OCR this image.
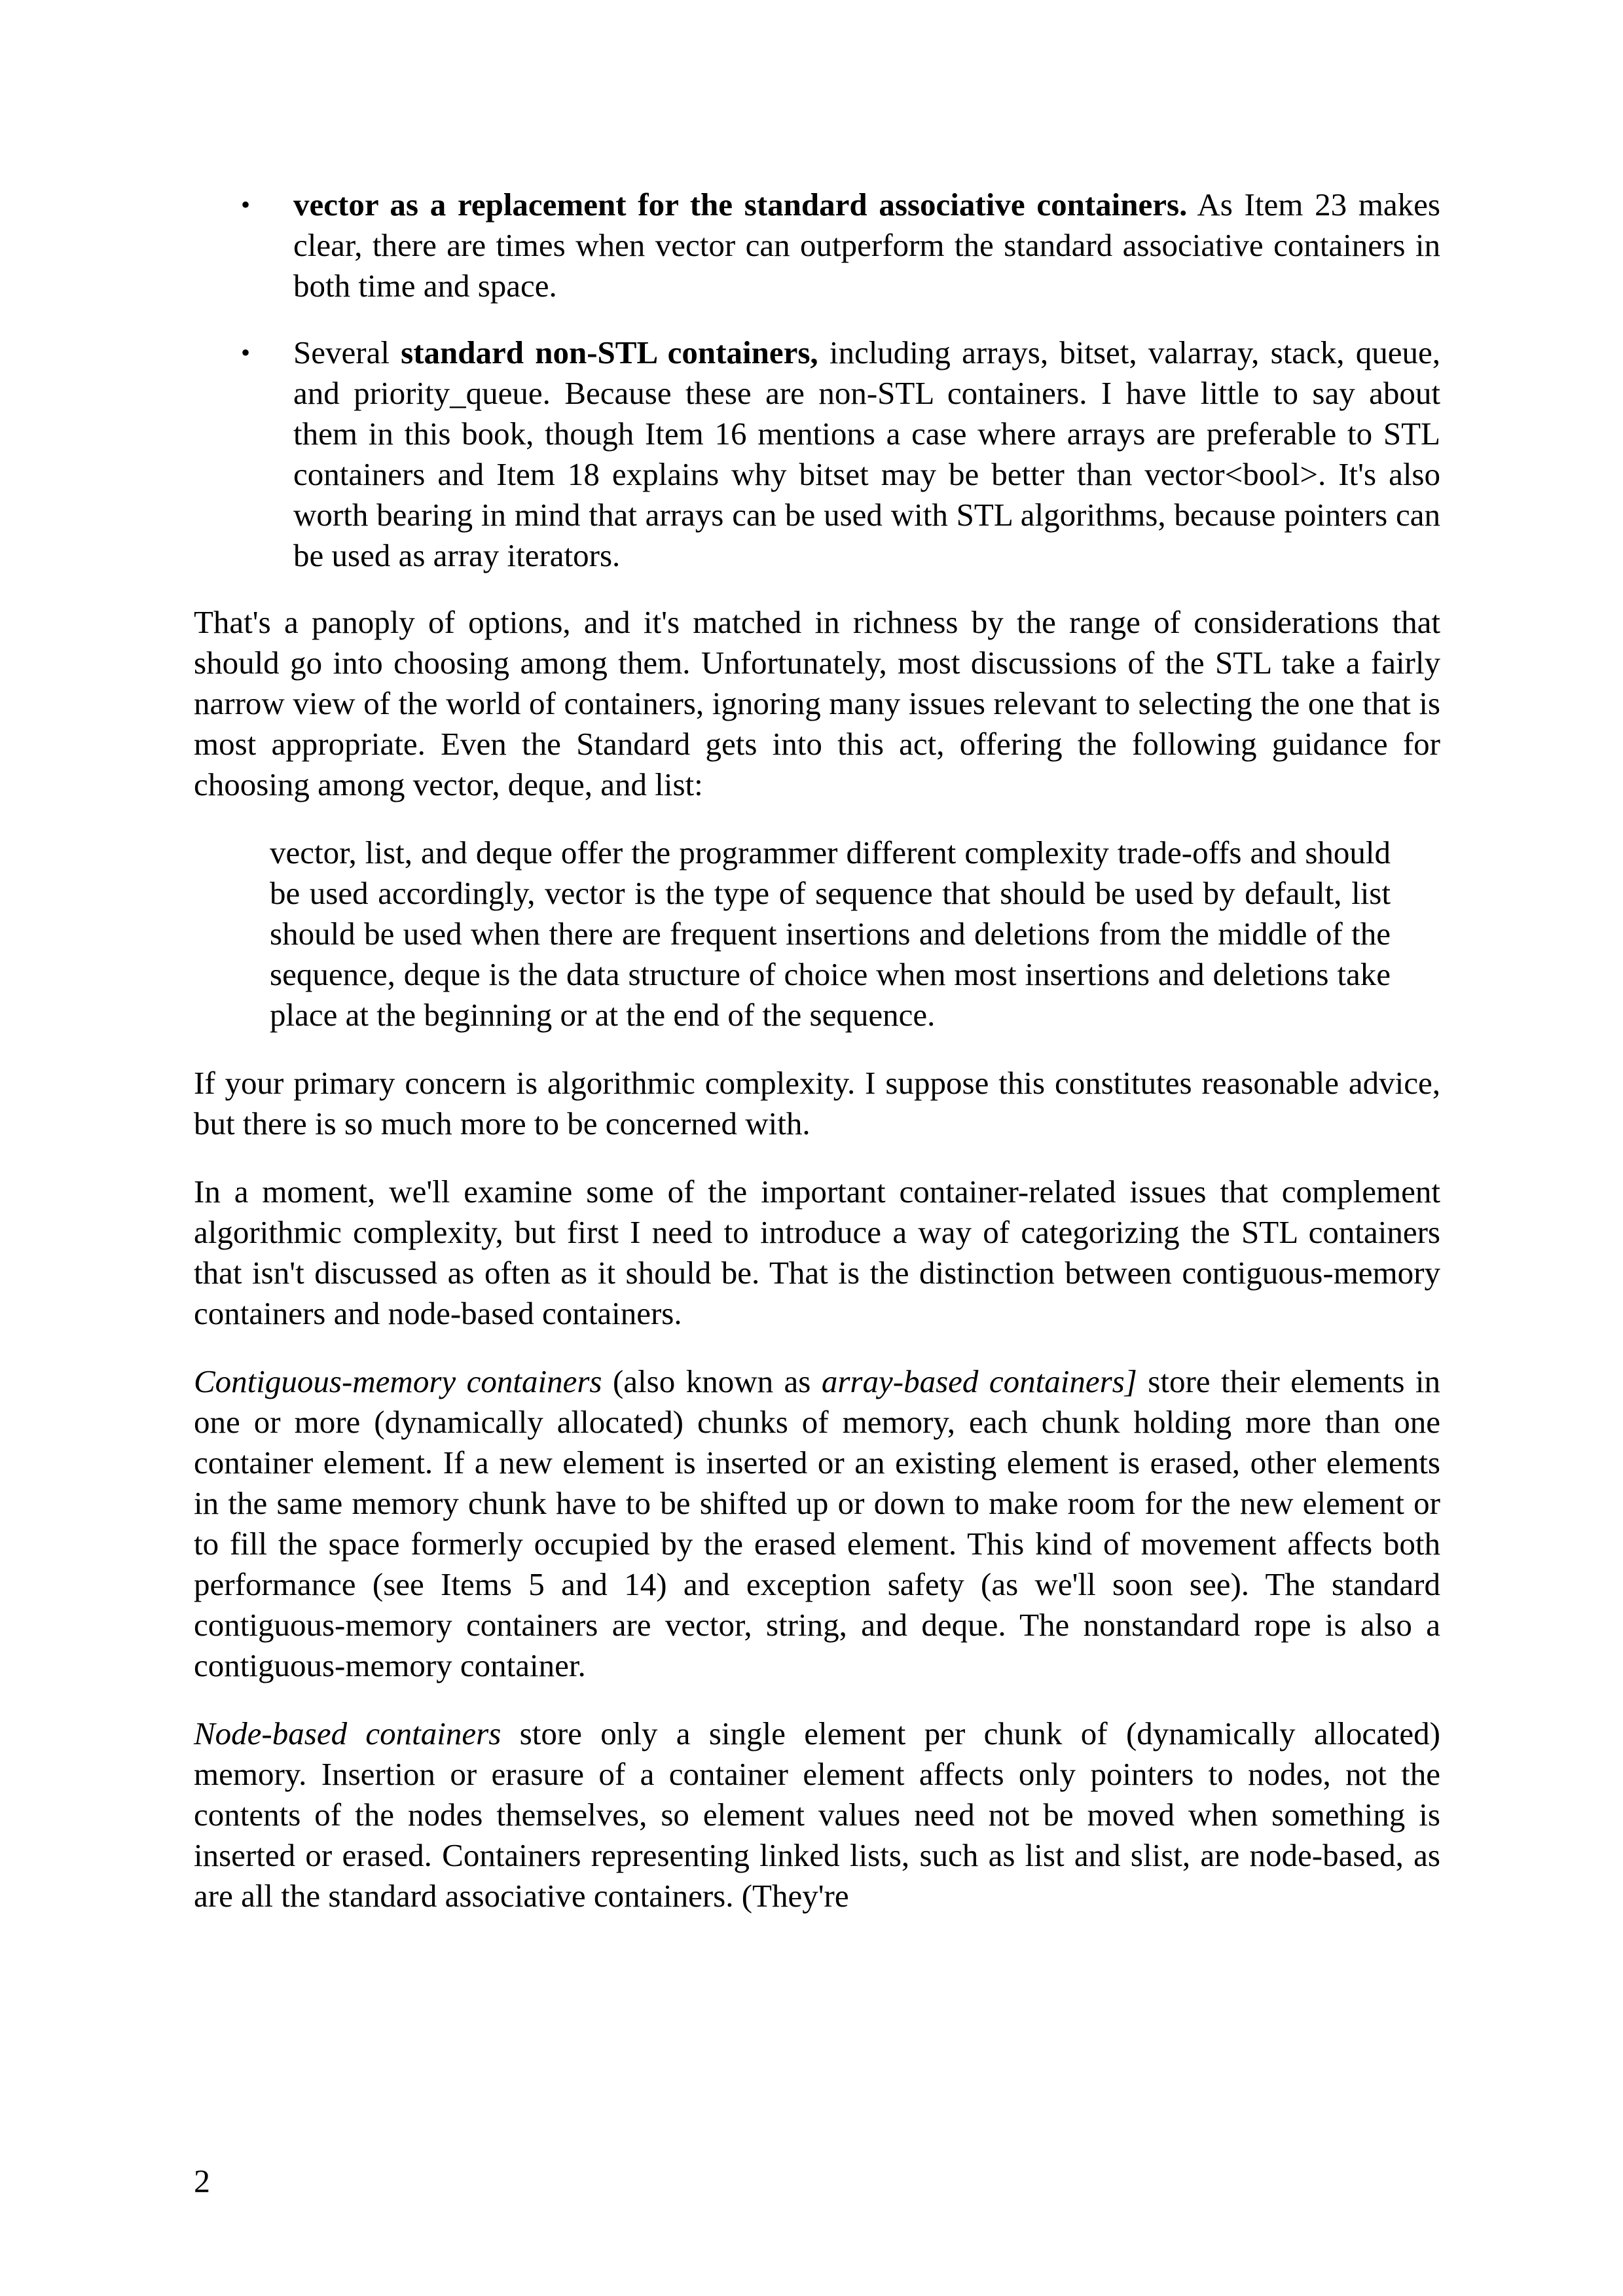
• vector as a replacement for the standard associative containers. As Item 23 makes clear, there are times when vector can outperform the standard associative containers in both time and space.
• Several standard non-STL containers, including arrays, bitset, valarray, stack, queue, and priority_queue. Because these are non-STL containers. I have little to say about them in this book, though Item 16 mentions a case where arrays are preferable to STL containers and Item 18 explains why bitset may be better than vector<bool>. It's also worth bearing in mind that arrays can be used with STL algorithms, because pointers can be used as array iterators.

That's a panoply of options, and it's matched in richness by the range of considerations that should go into choosing among them. Unfortunately, most discussions of the STL take a fairly narrow view of the world of containers, ignoring many issues relevant to selecting the one that is most appropriate. Even the Standard gets into this act, offering the following guidance for choosing among vector, deque, and list:

vector, list, and deque offer the programmer different complexity trade-offs and should be used accordingly, vector is the type of sequence that should be used by default, list should be used when there are frequent insertions and deletions from the middle of the sequence, deque is the data structure of choice when most insertions and deletions take place at the beginning or at the end of the sequence.

If your primary concern is algorithmic complexity. I suppose this constitutes reasonable advice, but there is so much more to be concerned with.

In a moment, we'll examine some of the important container-related issues that complement algorithmic complexity, but first I need to introduce a way of categorizing the STL containers that isn't discussed as often as it should be. That is the distinction between contiguous-memory containers and node-based containers.

Contiguous-memory containers (also known as array-based containers] store their elements in one or more (dynamically allocated) chunks of memory, each chunk holding more than one container element. If a new element is inserted or an existing element is erased, other elements in the same memory chunk have to be shifted up or down to make room for the new element or to fill the space formerly occupied by the erased element. This kind of movement affects both performance (see Items 5 and 14) and exception safety (as we'll soon see). The standard contiguous-memory containers are vector, string, and deque. The nonstandard rope is also a contiguous-memory container.

Node-based containers store only a single element per chunk of (dynamically allocated) memory. Insertion or erasure of a container element affects only pointers to nodes, not the contents of the nodes themselves, so element values need not be moved when something is inserted or erased. Containers representing linked lists, such as list and slist, are node-based, as are all the standard associative containers. (They're

2
